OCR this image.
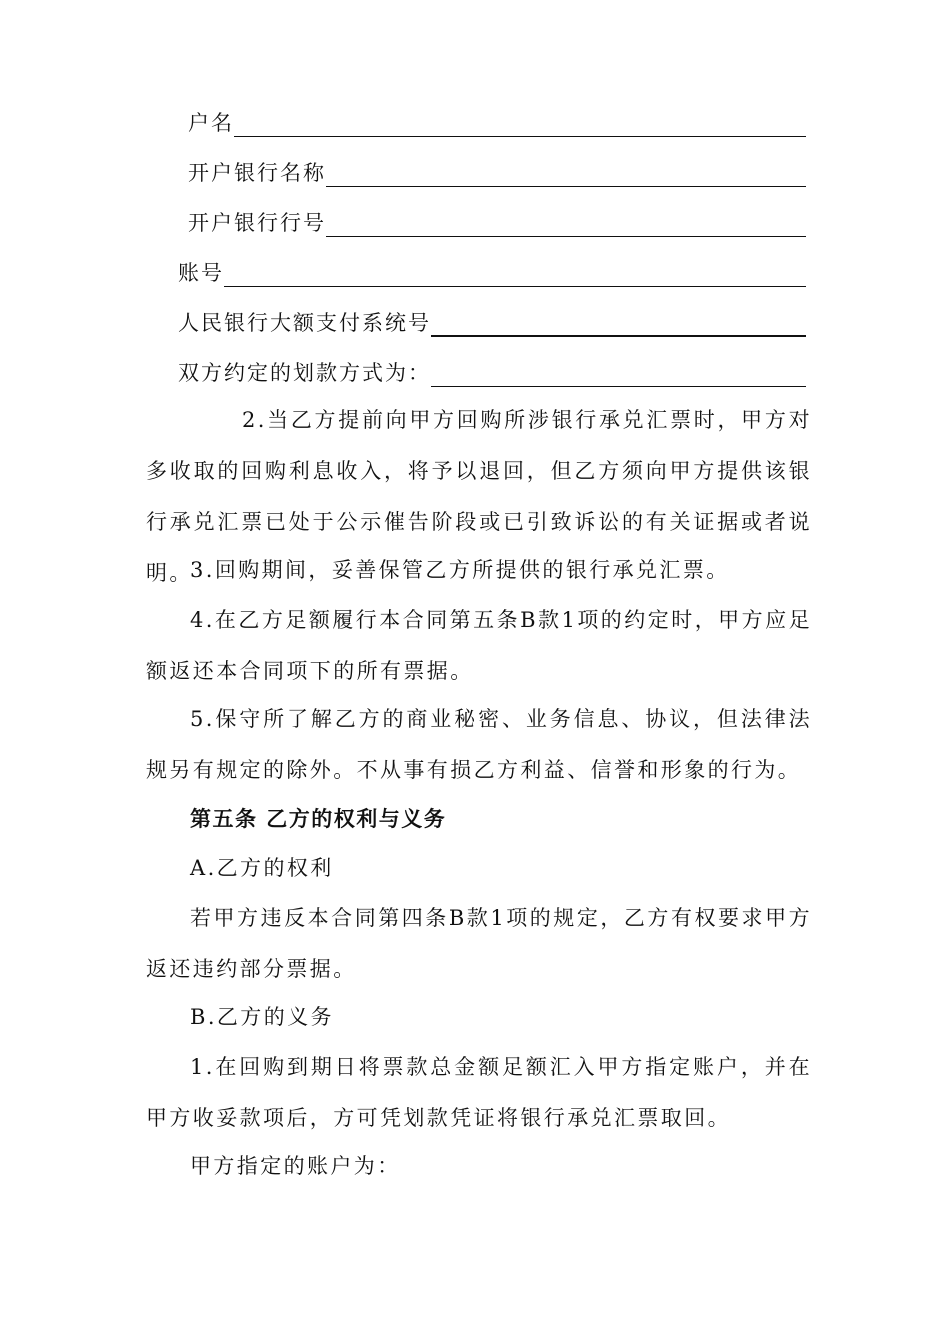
户名
开户银行名称
开户银行行号
账号
人民银行大额支付系统号
双方约定的划款方式为：

2.当乙方提前向甲方回购所涉银行承兑汇票时，甲方对多收取的回购利息收入，将予以退回，但乙方须向甲方提供该银行承兑汇票已处于公示催告阶段或已引致诉讼的有关证据或者说明。

3.回购期间，妥善保管乙方所提供的银行承兑汇票。

4.在乙方足额履行本合同第五条B款1项的约定时，甲方应足额返还本合同项下的所有票据。

5.保守所了解乙方的商业秘密、业务信息、协议，但法律法规另有规定的除外。不从事有损乙方利益、信誉和形象的行为。

第五条 乙方的权利与义务

A.乙方的权利

若甲方违反本合同第四条B款1项的规定，乙方有权要求甲方返还违约部分票据。

B.乙方的义务

1.在回购到期日将票款总金额足额汇入甲方指定账户，并在甲方收妥款项后，方可凭划款凭证将银行承兑汇票取回。

甲方指定的账户为：
